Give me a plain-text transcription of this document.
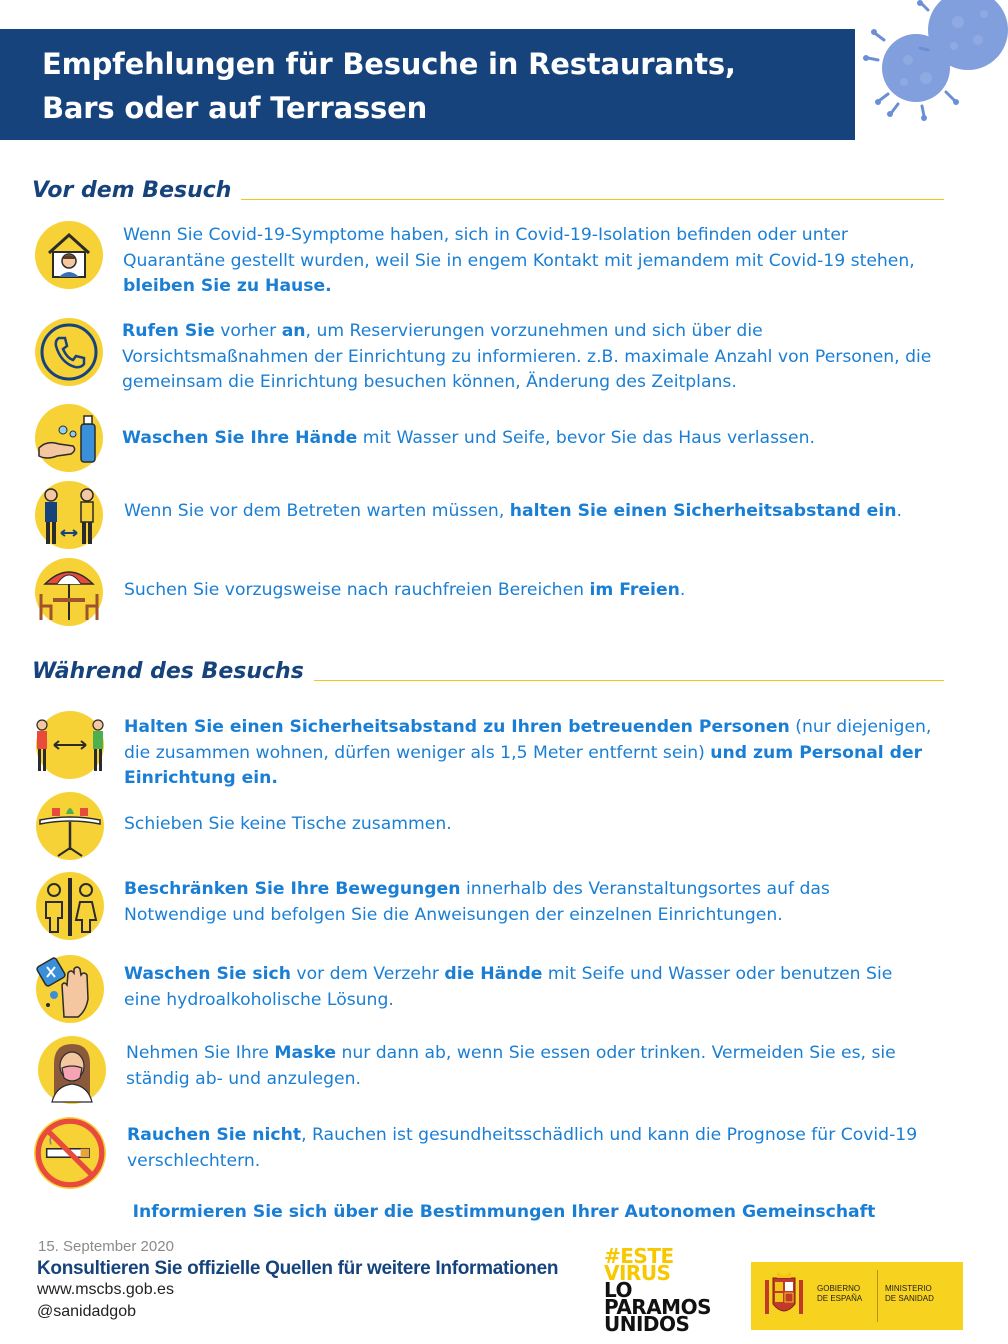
Empfehlungen für Besuche in Restaurants,
Bars oder auf Terrassen
Vor dem Besuch
Wenn Sie Covid-19-Symptome haben, sich in Covid-19-Isolation befinden oder unter Quarantäne gestellt wurden, weil Sie in engem Kontakt mit jemandem mit Covid-19 stehen, bleiben Sie zu Hause.
Rufen Sie vorher an, um Reservierungen vorzunehmen und sich über die Vorsichtsmaßnahmen der Einrichtung zu informieren. z.B. maximale Anzahl von Personen, die gemeinsam die Einrichtung besuchen können, Änderung des Zeitplans.
Waschen Sie Ihre Hände mit Wasser und Seife, bevor Sie das Haus verlassen.
Wenn Sie vor dem Betreten warten müssen, halten Sie einen Sicherheitsabstand ein.
Suchen Sie vorzugsweise nach rauchfreien Bereichen im Freien.
Während des Besuchs
Halten Sie einen Sicherheitsabstand zu Ihren betreuenden Personen (nur diejenigen, die zusammen wohnen, dürfen weniger als 1,5 Meter entfernt sein) und zum Personal der Einrichtung ein.
Schieben Sie keine Tische zusammen.
Beschränken Sie Ihre Bewegungen innerhalb des Veranstaltungsortes auf das Notwendige und befolgen Sie die Anweisungen der einzelnen Einrichtungen.
Waschen Sie sich vor dem Verzehr die Hände mit Seife und Wasser oder benutzen Sie eine hydroalkoholische Lösung.
Nehmen Sie Ihre Maske nur dann ab, wenn Sie essen oder trinken. Vermeiden Sie es, sie ständig ab- und anzulegen.
Rauchen Sie nicht, Rauchen ist gesundheitsschädlich und kann die Prognose für Covid-19 verschlechtern.
Informieren Sie sich über die Bestimmungen Ihrer Autonomen Gemeinschaft
15. September 2020
Konsultieren Sie offizielle Quellen für weitere Informationen
www.mscbs.gob.es
@sanidadgob
#ESTE
VIRUS
LO
PARAMOS
UNIDOS
GOBIERNO
DE ESPAÑA
MINISTERIO
DE SANIDAD
